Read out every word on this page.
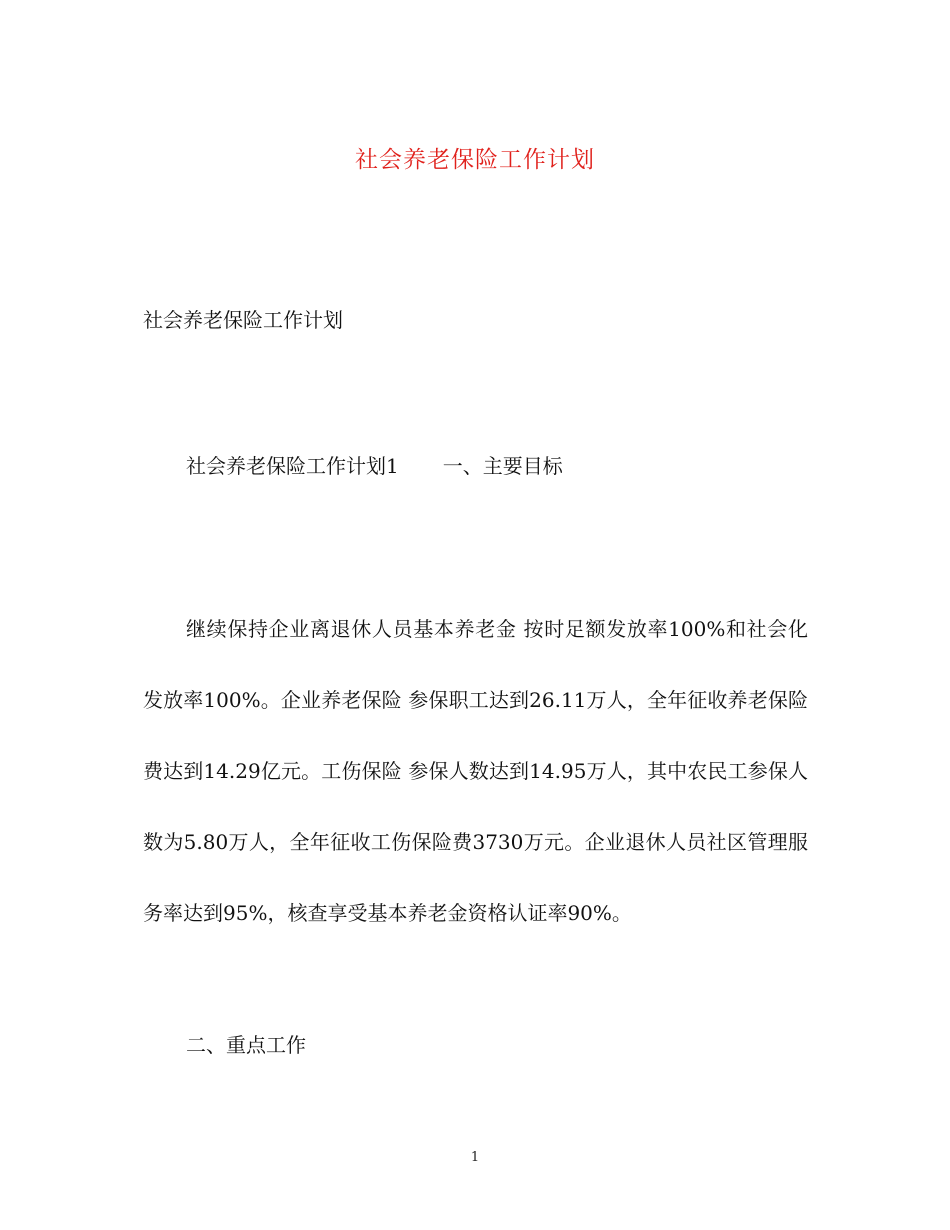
社会养老保险工作计划
社会养老保险工作计划
社会养老保险工作计划1 一、主要目标
继续保持企业离退休人员基本养老金 按时足额发放率100%和社会化发放率100%。企业养老保险 参保职工达到26.11万人，全年征收养老保险费达到14.29亿元。工伤保险 参保人数达到14.95万人，其中农民工参保人数为5.80万人，全年征收工伤保险费3730万元。企业退休人员社区管理服务率达到95%，核查享受基本养老金资格认证率90%。
二、重点工作
1
